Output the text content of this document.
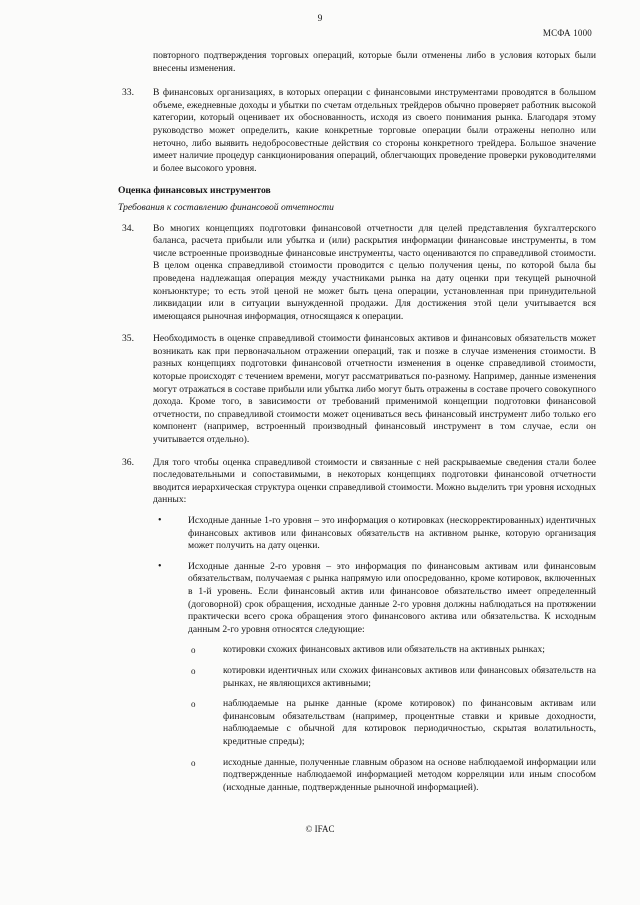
9
МСФА 1000

повторного подтверждения торговых операций, которые были отменены либо в условия которых были внесены изменения.

33. В финансовых организациях, в которых операции с финансовыми инструментами проводятся в большом объеме, ежедневные доходы и убытки по счетам отдельных трейдеров обычно проверяет работник высокой категории, который оценивает их обоснованность, исходя из своего понимания рынка. Благодаря этому руководство может определить, какие конкретные торговые операции были отражены неполно или неточно, либо выявить недобросовестные действия со стороны конкретного трейдера. Большое значение имеет наличие процедур санкционирования операций, облегчающих проведение проверки руководителями и более высокого уровня.

Оценка финансовых инструментов

Требования к составлению финансовой отчетности

34. Во многих концепциях подготовки финансовой отчетности для целей представления бухгалтерского баланса, расчета прибыли или убытка и (или) раскрытия информации финансовые инструменты, в том числе встроенные производные финансовые инструменты, часто оцениваются по справедливой стоимости. В целом оценка справедливой стоимости проводится с целью получения цены, по которой была бы проведена надлежащая операция между участниками рынка на дату оценки при текущей рыночной конъюнктуре; то есть этой ценой не может быть цена операции, установленная при принудительной ликвидации или в ситуации вынужденной продажи. Для достижения этой цели учитывается вся имеющаяся рыночная информация, относящаяся к операции.

35. Необходимость в оценке справедливой стоимости финансовых активов и финансовых обязательств может возникать как при первоначальном отражении операций, так и позже в случае изменения стоимости. В разных концепциях подготовки финансовой отчетности изменения в оценке справедливой стоимости, которые происходят с течением времени, могут рассматриваться по-разному. Например, данные изменения могут отражаться в составе прибыли или убытка либо могут быть отражены в составе прочего совокупного дохода. Кроме того, в зависимости от требований применимой концепции подготовки финансовой отчетности, по справедливой стоимости может оцениваться весь финансовый инструмент либо только его компонент (например, встроенный производный финансовый инструмент в том случае, если он учитывается отдельно).

36. Для того чтобы оценка справедливой стоимости и связанные с ней раскрываемые сведения стали более последовательными и сопоставимыми, в некоторых концепциях подготовки финансовой отчетности вводится иерархическая структура оценки справедливой стоимости. Можно выделить три уровня исходных данных:

•	Исходные данные 1-го уровня – это информация о котировках (нескорректированных) идентичных финансовых активов или финансовых обязательств на активном рынке, которую организация может получить на дату оценки.

•	Исходные данные 2-го уровня – это информация по финансовым активам или финансовым обязательствам, получаемая с рынка напрямую или опосредованно, кроме котировок, включенных в 1-й уровень. Если финансовый актив или финансовое обязательство имеет определенный (договорной) срок обращения, исходные данные 2-го уровня должны наблюдаться на протяжении практически всего срока обращения этого финансового актива или обязательства. К исходным данным 2-го уровня относятся следующие:

o	котировки схожих финансовых активов или обязательств на активных рынках;

o	котировки идентичных или схожих финансовых активов или финансовых обязательств на рынках, не являющихся активными;

o	наблюдаемые на рынке данные (кроме котировок) по финансовым активам или финансовым обязательствам (например, процентные ставки и кривые доходности, наблюдаемые с обычной для котировок периодичностью, скрытая волатильность, кредитные спреды);

o	исходные данные, полученные главным образом на основе наблюдаемой информации или подтвержденные наблюдаемой информацией методом корреляции или иным способом (исходные данные, подтвержденные рыночной информацией).

© IFAC
